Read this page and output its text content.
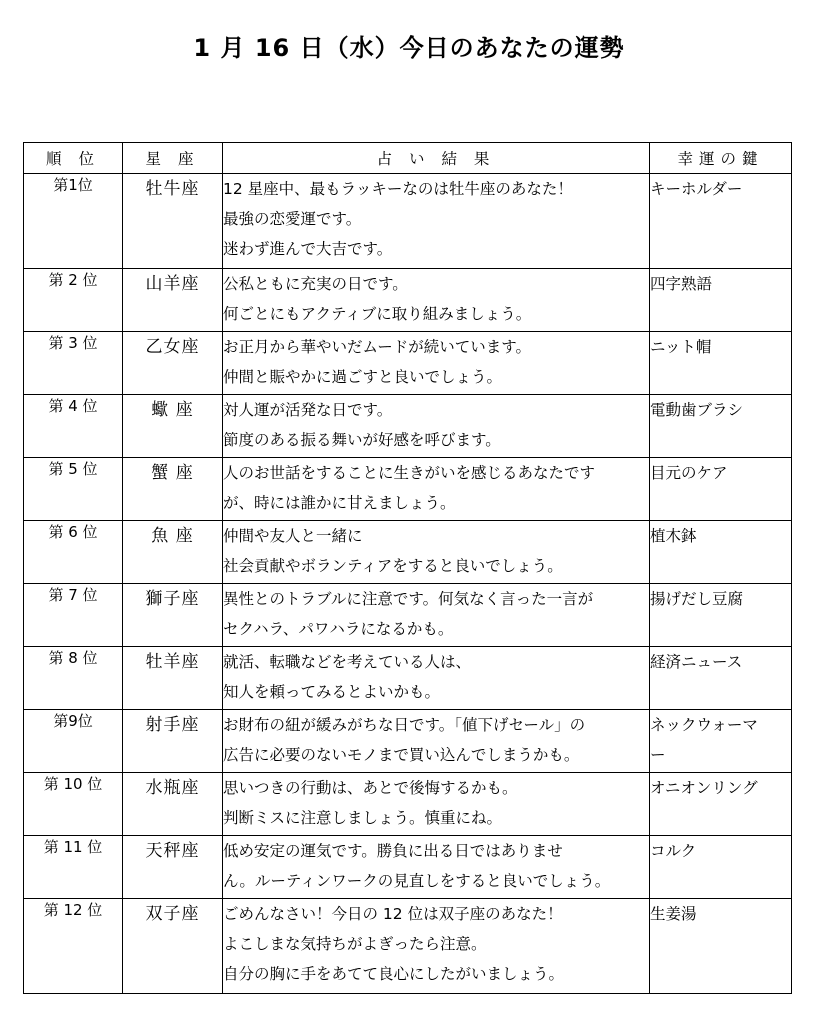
1 月 16 日（水）今日のあなたの運勢
順 位	星 座	占 い 結 果	幸運の鍵
第1位	牡牛座	12 星座中、最もラッキーなのは牡牛座のあなた！
最強の恋愛運です。
迷わず進んで大吉です。	キーホルダー

第 2 位	山羊座	公私ともに充実の日です。
何ごとにもアクティブに取り組みましょう。	四字熟語

第 3 位	乙女座	お正月から華やいだムードが続いています。
仲間と賑やかに過ごすと良いでしょう。	ニット帽

第 4 位	蠍 座	対人運が活発な日です。
節度のある振る舞いが好感を呼びます。	電動歯ブラシ

第 5 位	蟹 座	人のお世話をすることに生きがいを感じるあなたです
が、時には誰かに甘えましょう。	目元のケア

第 6 位	魚 座	仲間や友人と一緒に
社会貢献やボランティアをすると良いでしょう。	植木鉢

第 7 位	獅子座	異性とのトラブルに注意です。何気なく言った一言が
セクハラ、パワハラになるかも。	揚げだし豆腐

第 8 位	牡羊座	就活、転職などを考えている人は、
知人を頼ってみるとよいかも。	経済ニュース

第9位	射手座	お財布の紐が緩みがちな日です。「値下げセール」の
広告に必要のないモノまで買い込んでしまうかも。	ネックウォーマ
ー

第 10 位	水瓶座	思いつきの行動は、あとで後悔するかも。
判断ミスに注意しましょう。慎重にね。	オニオンリング

第 11 位	天秤座	低め安定の運気です。勝負に出る日ではありませ
ん。ルーティンワークの見直しをすると良いでしょう。	コルク

第 12 位	双子座	ごめんなさい！今日の 12 位は双子座のあなた！
よこしまな気持ちがよぎったら注意。
自分の胸に手をあてて良心にしたがいましょう。	生姜湯
